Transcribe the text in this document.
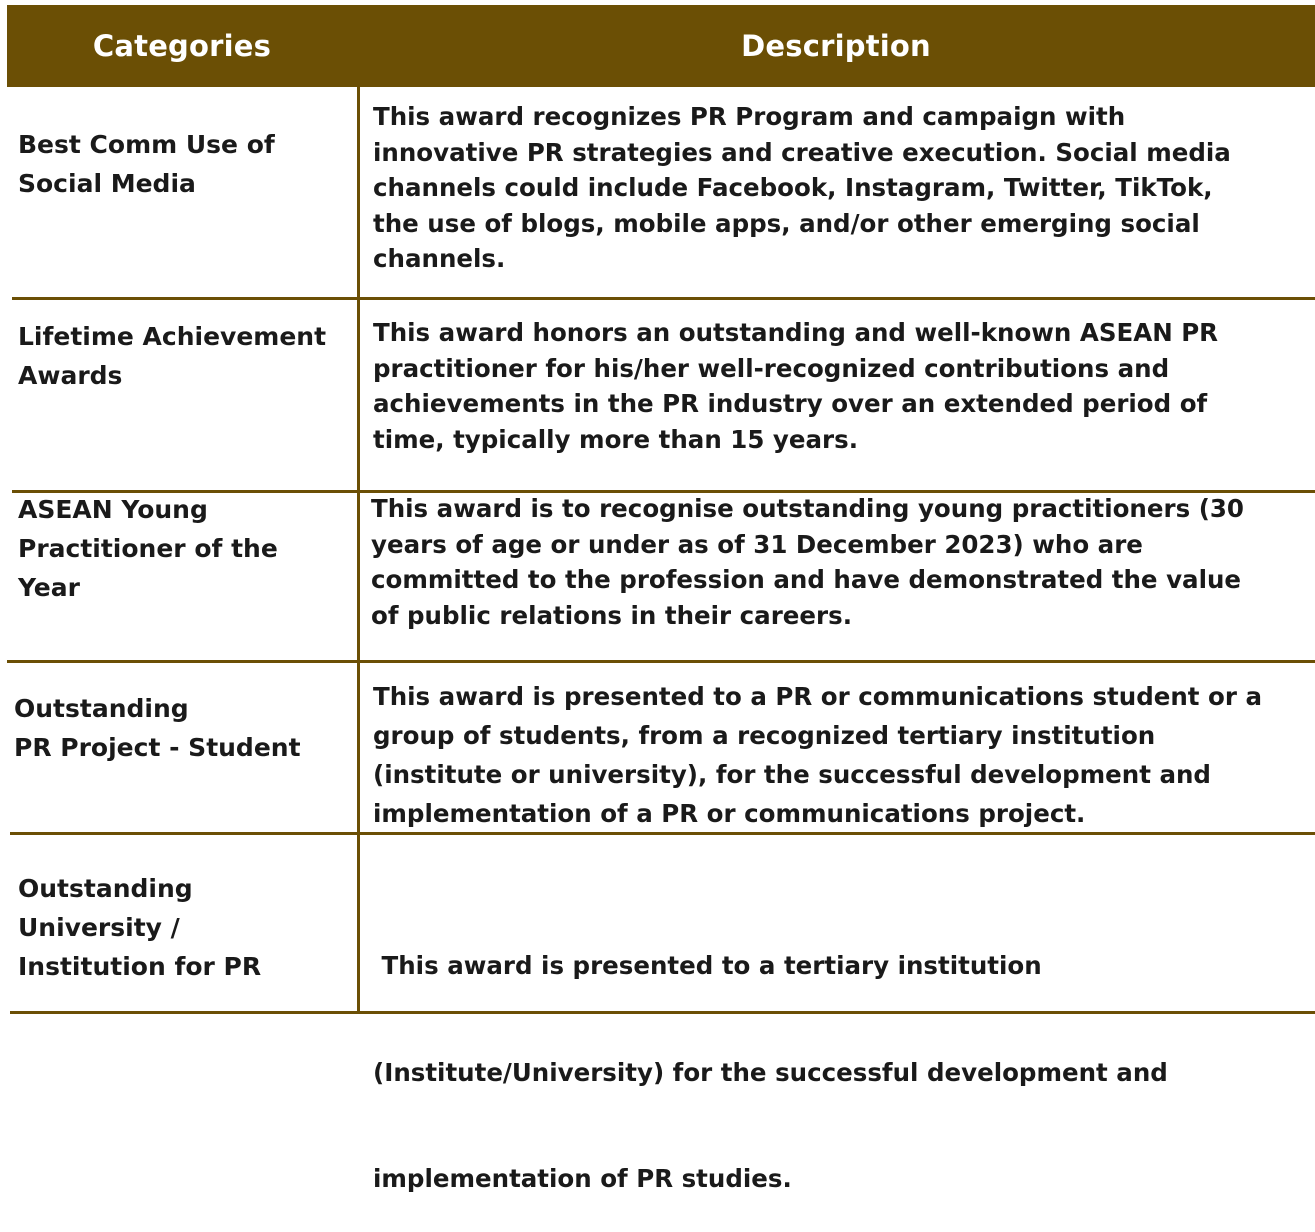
Categories	Description
Best Comm Use of
Social Media
This award recognizes PR Program and campaign with
innovative PR strategies and creative execution. Social media
channels could include Facebook, Instagram, Twitter, TikTok,
the use of blogs, mobile apps, and/or other emerging social
channels.
Lifetime Achievement
Awards
This award honors an outstanding and well-known ASEAN PR
practitioner for his/her well-recognized contributions and
achievements in the PR industry over an extended period of
time, typically more than 15 years.
ASEAN Young
Practitioner of the
Year
This award is to recognise outstanding young practitioners (30
years of age or under as of 31 December 2023) who are
committed to the profession and have demonstrated the value
of public relations in their careers.
Outstanding
PR Project - Student
This award is presented to a PR or communications student or a
group of students, from a recognized tertiary institution
(institute or university), for the successful development and
implementation of a PR or communications project.
Outstanding
University /
Institution for PR

	This award is presented to a tertiary institution

(Institute/University) for the successful development and

implementation of PR studies.
